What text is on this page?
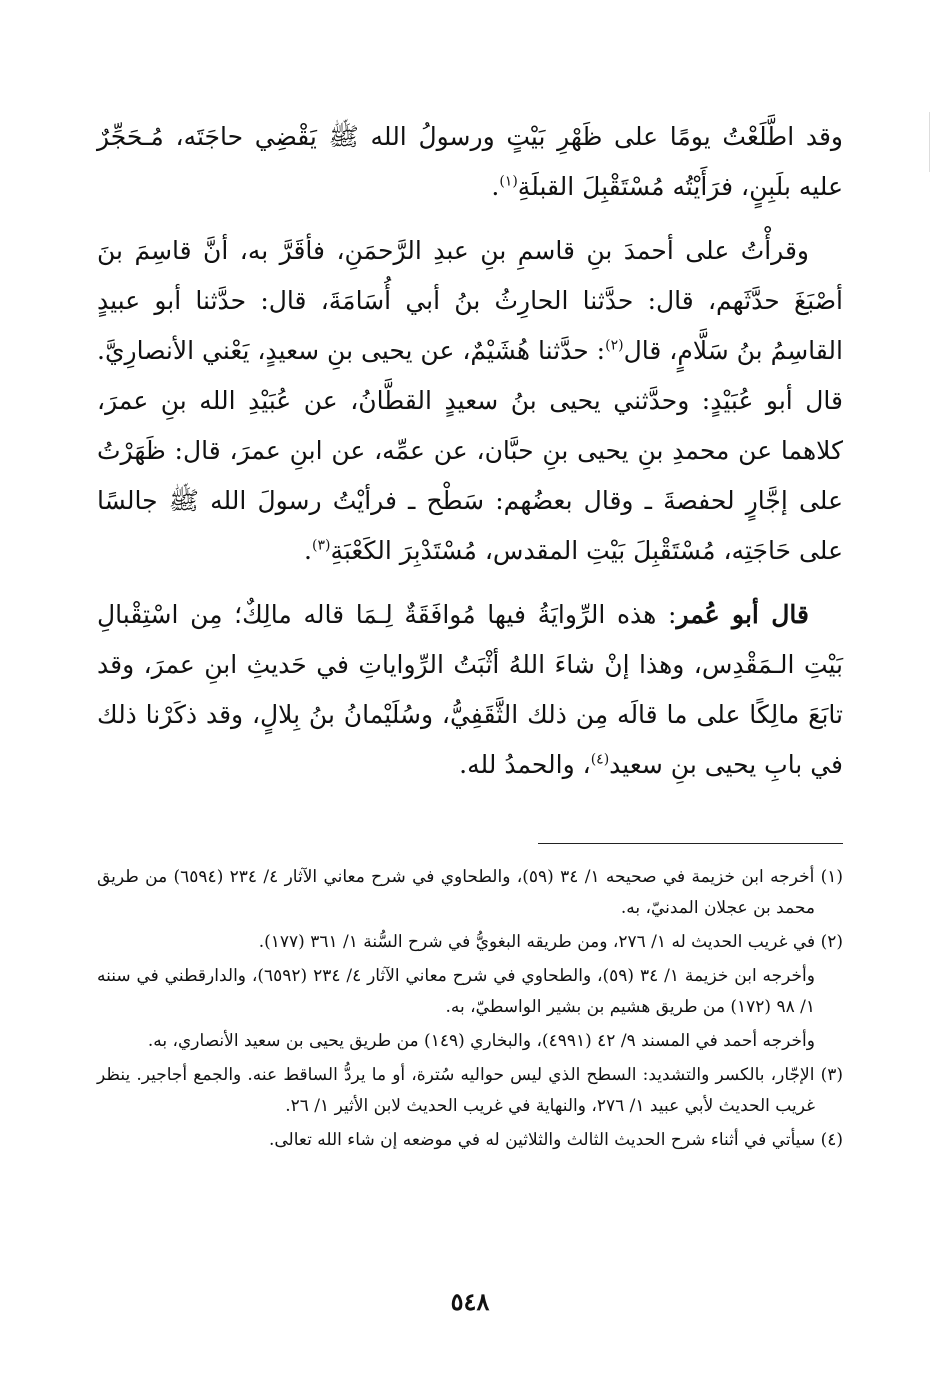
وقد اطَّلَعْتُ يومًا على ظَهْرِ بَيْتٍ ورسولُ الله ﷺ يَقْضِي حاجَتَه، مُـحَجِّرٌ عليه بلَبِنٍ، فرَأَيْتُه مُسْتَقْبِلَ القبلَةِ$^{(١)}$.

وقرأْتُ على أحمدَ بنِ قاسمِ بنِ عبدِ الرَّحمَنِ، فأقَرَّ به، أنَّ قاسِمَ بنَ أصْبَغَ حدَّثَهم، قال: حدَّثنا الحارِثُ بنُ أبي أُسَامَةَ، قال: حدَّثنا أبو عبيدٍ القاسِمُ بنُ سَلَّامٍ، قال$^{(٢)}$: حدَّثنا هُشَيْمٌ، عن يحيى بنِ سعيدٍ، يَعْني الأنصارِيَّ. قال أبو عُبَيْدٍ: وحدَّثني يحيى بنُ سعيدٍ القطَّانُ، عن عُبَيْدِ الله بنِ عمرَ، كلاهما عن محمدِ بنِ يحيى بنِ حبَّان، عن عمِّه، عن ابنِ عمرَ، قال: ظَهَرْتُ على إجَّارٍ لحفصةَ ـ وقال بعضُهم: سَطْح ـ فرأيْتُ رسولَ الله ﷺ جالسًا على حَاجَتِه، مُسْتَقْبِلَ بَيْتِ المقدس، مُسْتَدْبِرَ الكَعْبَةِ$^{(٣)}$.

قال أبو عُمر: هذه الرِّوايَةُ فيها مُوافَقَةٌ لِـمَا قاله مالِكٌ؛ مِن اسْتِقْبالِ بَيْتِ الـمَقْدِس، وهذا إنْ شاءَ اللهُ أثْبَتُ الرِّواياتِ في حَديثِ ابنِ عمرَ، وقد تابَعَ مالِكًا على ما قالَه مِن ذلك الثَّقَفِيُّ، وسُلَيْمانُ بنُ بِلالٍ، وقد ذكَرْنا ذلك في بابِ يحيى بنِ سعيد$^{(٤)}$، والحمدُ لله.

(١) أخرجه ابن خزيمة في صحيحه ١/ ٣٤ (٥٩)، والطحاوي في شرح معاني الآثار ٤/ ٢٣٤ (٦٥٩٤) من طريق محمد بن عجلان المدنيّ، به.
(٢) في غريب الحديث له ١/ ٢٧٦، ومن طريقه البغويُّ في شرح السُّنة ١/ ٣٦١ (١٧٧).
وأخرجه ابن خزيمة ١/ ٣٤ (٥٩)، والطحاوي في شرح معاني الآثار ٤/ ٢٣٤ (٦٥٩٢)، والدارقطني في سننه ١/ ٩٨ (١٧٢) من طريق هشيم بن بشير الواسطيّ، به.
وأخرجه أحمد في المسند ٩/ ٤٢ (٤٩٩١)، والبخاري (١٤٩) من طريق يحيى بن سعيد الأنصاري، به.
(٣) الإجّار، بالكسر والتشديد: السطح الذي ليس حواليه سُترة، أو ما يردُّ الساقط عنه. والجمع أجاجير. ينظر غريب الحديث لأبي عبيد ١/ ٢٧٦، والنهاية في غريب الحديث لابن الأثير ١/ ٢٦.
(٤) سيأتي في أثناء شرح الحديث الثالث والثلاثين له في موضعه إن شاء الله تعالى.
٥٤٨
